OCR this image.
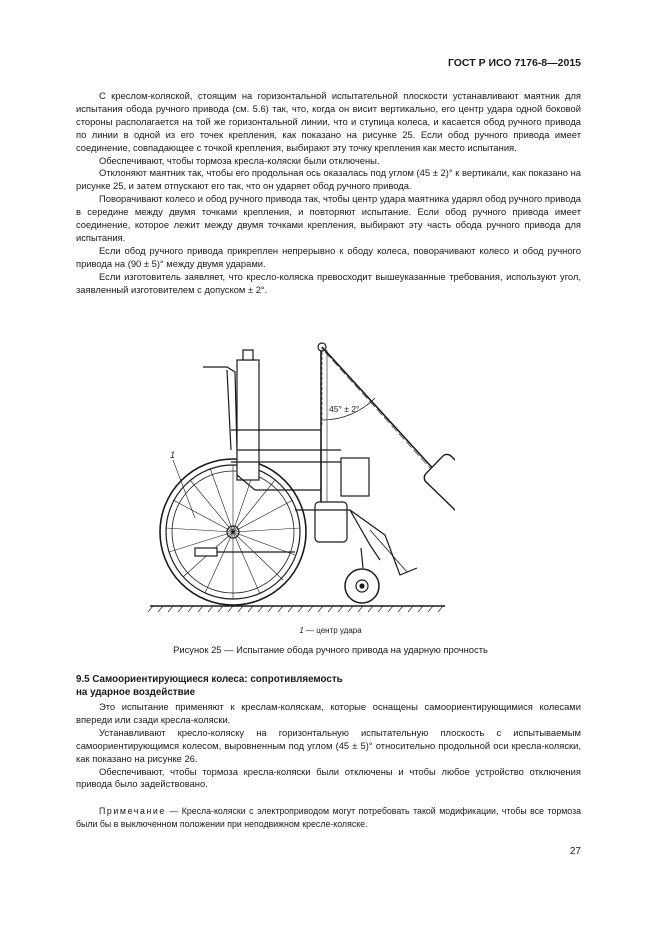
ГОСТ Р ИСО 7176-8—2015

С креслом-коляской, стоящим на горизонтальной испытательной плоскости устанавливают маятник для испытания обода ручного привода (см. 5.6) так, что, когда он висит вертикально, его центр удара одной боковой стороны располагается на той же горизонтальной линии, что и ступица колеса, и касается обод ручного привода по линии в одной из его точек крепления, как показано на рисунке 25. Если обод ручного привода имеет соединение, совпадающее с точкой крепления, выбирают эту точку крепления как место испытания.

Обеспечивают, чтобы тормоза кресла-коляски были отключены.

Отклоняют маятник так, чтобы его продольная ось оказалась под углом (45 ± 2)° к вертикали, как показано на рисунке 25, и затем отпускают его так, что он ударяет обод ручного привода.

Поворачивают колесо и обод ручного привода так, чтобы центр удара маятника ударял обод ручного привода в середине между двумя точками крепления, и повторяют испытание. Если обод ручного привода имеет соединение, которое лежит между двумя точками крепления, выбирают эту часть обода ручного привода для испытания.

Если обод ручного привода прикреплен непрерывно к ободу колеса, поворачивают колесо и обод ручного привода на (90 ± 5)° между двумя ударами.

Если изготовитель заявляет, что кресло-коляска превосходит вышеуказанные требования, используют угол, заявленный изготовителем с допуском ± 2°.

45° ± 2°
1
1 — центр удара
Рисунок 25 — Испытание обода ручного привода на ударную прочность
9.5 Самоориентирующиеся колеса: сопротивляемость
на ударное воздействие

Это испытание применяют к креслам-коляскам, которые оснащены самоориентирующимися колесами впереди или сзади кресла-коляски.

Устанавливают кресло-коляску на горизонтальную испытательную плоскость с испытываемым самоориентирующимся колесом, выровненным под углом (45 ± 5)° относительно продольной оси кресла-коляски, как показано на рисунке 26.

Обеспечивают, чтобы тормоза кресла-коляски были отключены и чтобы любое устройство отключения привода было задействовано.

Примечание — Кресла-коляски с электроприводом могут потребовать такой модификации, чтобы все тормоза были бы в выключенном положении при неподвижном кресле-коляске.
27
